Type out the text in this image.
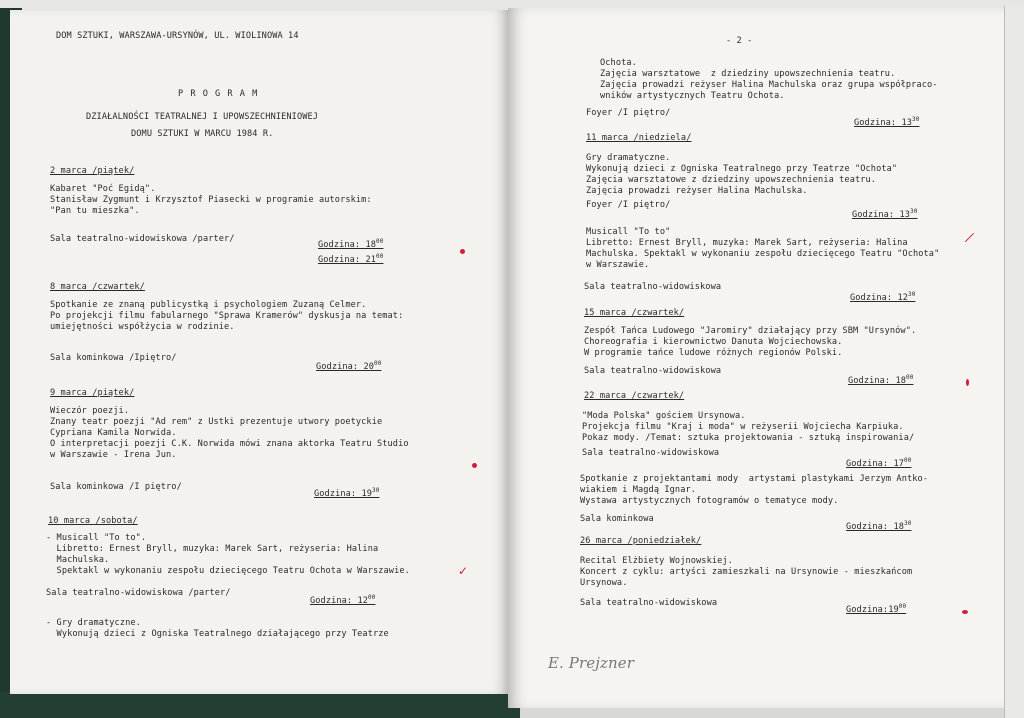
DOM SZTUKI, WARSZAWA-URSYNÓW, UL. WIOLINOWA 14
P R O G R A M
DZIAŁALNOŚCI TEATRALNEJ I UPOWSZECHNIENIOWEJ
DOMU SZTUKI W MARCU 1984 R.
2 marca /piątek/
Kabaret "Poć Egidą".
Stanisław Zygmunt i Krzysztof Piasecki w programie autorskim:
"Pan tu mieszka".
Sala teatralno-widowiskowa /parter/
Godzina: $18^{00}$
Godzina: $21^{00}$
8 marca /czwartek/
Spotkanie ze znaną publicystką i psychologiem Zuzaną Celmer.
Po projekcji filmu fabularnego "Sprawa Kramerów" dyskusja na temat:
umiejętności współżycia w rodzinie.
Sala kominkowa /Ipiętro/
Godzina: $20^{00}$
9 marca /piątek/
Wieczór poezji.
Znany teatr poezji "Ad rem" z Ustki prezentuje utwory poetyckie
Cypriana Kamila Norwida.
O interpretacji poezji C.K. Norwida mówi znana aktorka Teatru Studio
w Warszawie - Irena Jun.
Sala kominkowa /I piętro/
Godzina: $19^{30}$
10 marca /sobota/
- Musicall "To to".
Libretto: Ernest Bryll, muzyka: Marek Sart, reżyseria: Halina
Machulska.
Spektakl w wykonaniu zespołu dziecięcego Teatru Ochota w Warszawie.
Sala teatralno-widowiskowa /parter/
Godzina: $12^{00}$
- Gry dramatyczne.
Wykonują dzieci z Ogniska Teatralnego działającego przy Teatrze
- 2 -
Ochota.
Zajęcia warsztatowe  z dziedziny upowszechnienia teatru.
Zajęcia prowadzi reżyser Halina Machulska oraz grupa współpraco-
wników artystycznych Teatru Ochota.
Foyer /I piętro/
Godzina: $13^{30}$
11 marca /niedziela/
Gry dramatyczne.
Wykonują dzieci z Ogniska Teatralnego przy Teatrze "Ochota"
Zajęcia warsztatowe z dziedziny upowszechnienia teatru.
Zajęcia prowadzi reżyser Halina Machulska.
Foyer /I piętro/
Godzina: $13^{30}$
Musicall "To to"
Libretto: Ernest Bryll, muzyka: Marek Sart, reżyseria: Halina
Machulska. Spektakl w wykonaniu zespołu dziecięcego Teatru "Ochota"
w Warszawie.
Sala teatralno-widowiskowa
Godzina: $12^{30}$
15 marca /czwartek/
Zespół Tańca Ludowego "Jaromiry" działający przy SBM "Ursynów".
Choreografia i kierownictwo Danuta Wojciechowska.
W programie tańce ludowe różnych regionów Polski.
Sala teatralno-widowiskowa
Godzina: $18^{00}$
22 marca /czwartek/
"Moda Polska" gościem Ursynowa.
Projekcja filmu "Kraj i moda" w reżyserii Wojciecha Karpiuka.
Pokaz mody. /Temat: sztuka projektowania - sztuką inspirowania/
Sala teatralno-widowiskowa
Godzina: $17^{00}$
Spotkanie z projektantami mody  artystami plastykami Jerzym Antko-
wiakiem i Magdą Ignar.
Wystawa artystycznych fotogramów o tematyce mody.
Sala kominkowa
Godzina: $18^{30}$
26 marca /poniedziałek/
Recital Elżbiety Wojnowskiej.
Koncert z cyklu: artyści zamieszkali na Ursynowie - mieszkańcom
Ursynowa.
Sala teatralno-widowiskowa
$Godzina:19^{00}$
E. Prejzner
✓
|
